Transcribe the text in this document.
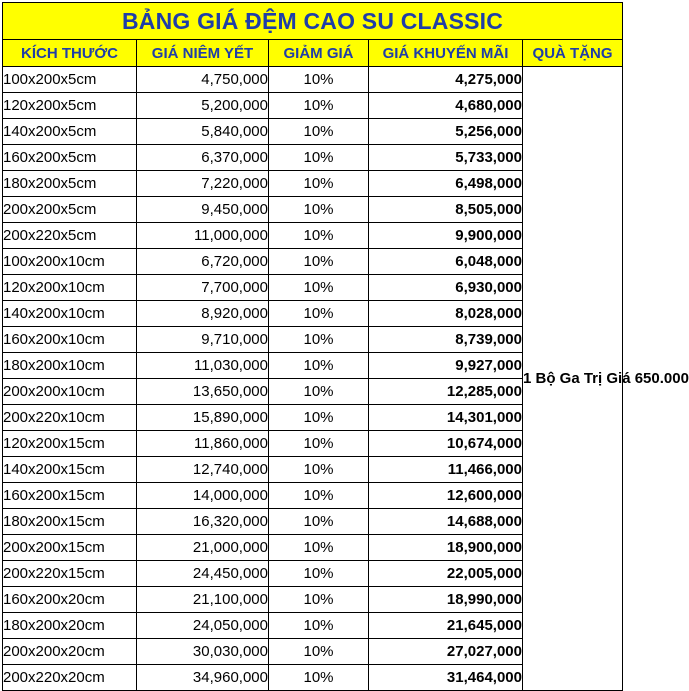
BẢNG GIÁ ĐỆM CAO SU CLASSIC				
KÍCH THƯỚC	GIÁ NIÊM YẾT	GIẢM GIÁ	GIÁ KHUYẾN MÃI	QUÀ TẶNG
100x200x5cm	4,750,000	10%	4,275,000	1 Bộ Ga Trị Giá 650.000
120x200x5cm	5,200,000	10%	4,680,000	
140x200x5cm	5,840,000	10%	5,256,000	
160x200x5cm	6,370,000	10%	5,733,000	
180x200x5cm	7,220,000	10%	6,498,000	
200x200x5cm	9,450,000	10%	8,505,000	
200x220x5cm	11,000,000	10%	9,900,000	
100x200x10cm	6,720,000	10%	6,048,000	
120x200x10cm	7,700,000	10%	6,930,000	
140x200x10cm	8,920,000	10%	8,028,000	
160x200x10cm	9,710,000	10%	8,739,000	
180x200x10cm	11,030,000	10%	9,927,000	
200x200x10cm	13,650,000	10%	12,285,000	
200x220x10cm	15,890,000	10%	14,301,000	
120x200x15cm	11,860,000	10%	10,674,000	
140x200x15cm	12,740,000	10%	11,466,000	
160x200x15cm	14,000,000	10%	12,600,000	
180x200x15cm	16,320,000	10%	14,688,000	
200x200x15cm	21,000,000	10%	18,900,000	
200x220x15cm	24,450,000	10%	22,005,000	
160x200x20cm	21,100,000	10%	18,990,000	
180x200x20cm	24,050,000	10%	21,645,000	
200x200x20cm	30,030,000	10%	27,027,000	
200x220x20cm	34,960,000	10%	31,464,000	
